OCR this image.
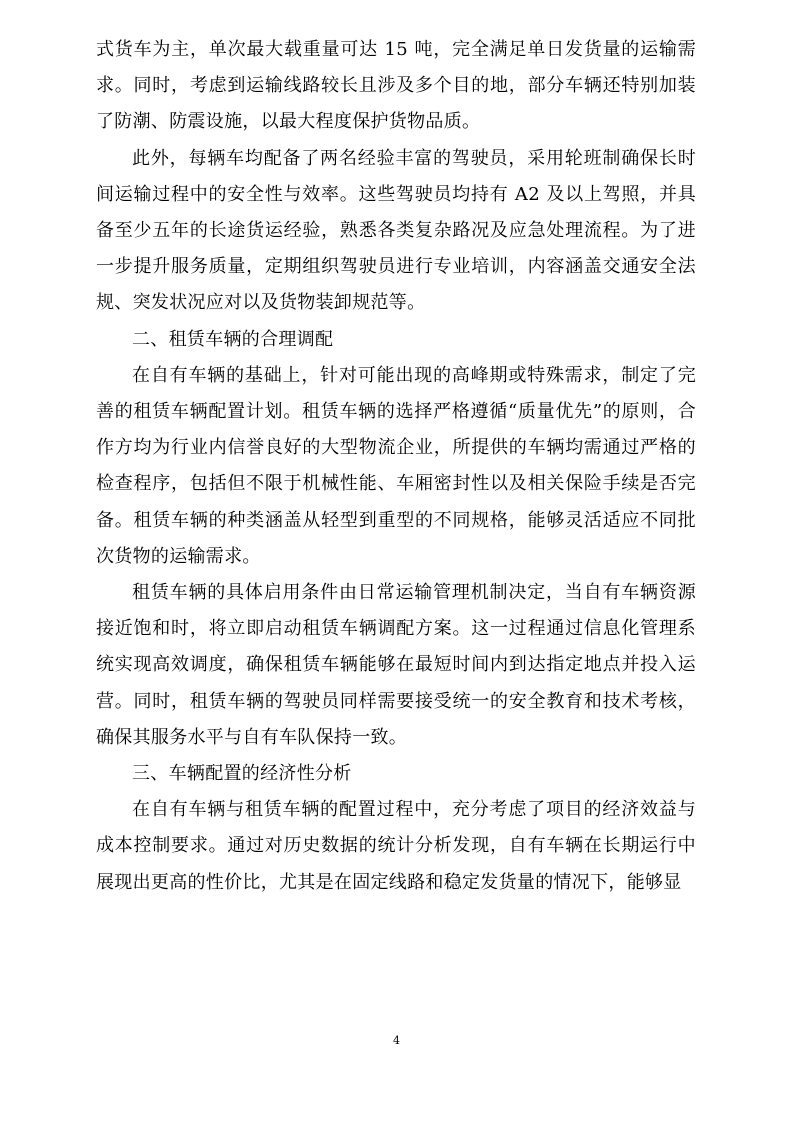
式货车为主，单次最大载重量可达 15 吨，完全满足单日发货量的运输需求。同时，考虑到运输线路较长且涉及多个目的地，部分车辆还特别加装了防潮、防震设施，以最大程度保护货物品质。

此外，每辆车均配备了两名经验丰富的驾驶员，采用轮班制确保长时间运输过程中的安全性与效率。这些驾驶员均持有 A2 及以上驾照，并具备至少五年的长途货运经验，熟悉各类复杂路况及应急处理流程。为了进一步提升服务质量，定期组织驾驶员进行专业培训，内容涵盖交通安全法规、突发状况应对以及货物装卸规范等。

二、租赁车辆的合理调配

在自有车辆的基础上，针对可能出现的高峰期或特殊需求，制定了完善的租赁车辆配置计划。租赁车辆的选择严格遵循“质量优先”的原则，合作方均为行业内信誉良好的大型物流企业，所提供的车辆均需通过严格的检查程序，包括但不限于机械性能、车厢密封性以及相关保险手续是否完备。租赁车辆的种类涵盖从轻型到重型的不同规格，能够灵活适应不同批次货物的运输需求。

租赁车辆的具体启用条件由日常运输管理机制决定，当自有车辆资源接近饱和时，将立即启动租赁车辆调配方案。这一过程通过信息化管理系统实现高效调度，确保租赁车辆能够在最短时间内到达指定地点并投入运营。同时，租赁车辆的驾驶员同样需要接受统一的安全教育和技术考核，确保其服务水平与自有车队保持一致。

三、车辆配置的经济性分析

在自有车辆与租赁车辆的配置过程中，充分考虑了项目的经济效益与成本控制要求。通过对历史数据的统计分析发现，自有车辆在长期运行中展现出更高的性价比，尤其是在固定线路和稳定发货量的情况下，能够显

4
